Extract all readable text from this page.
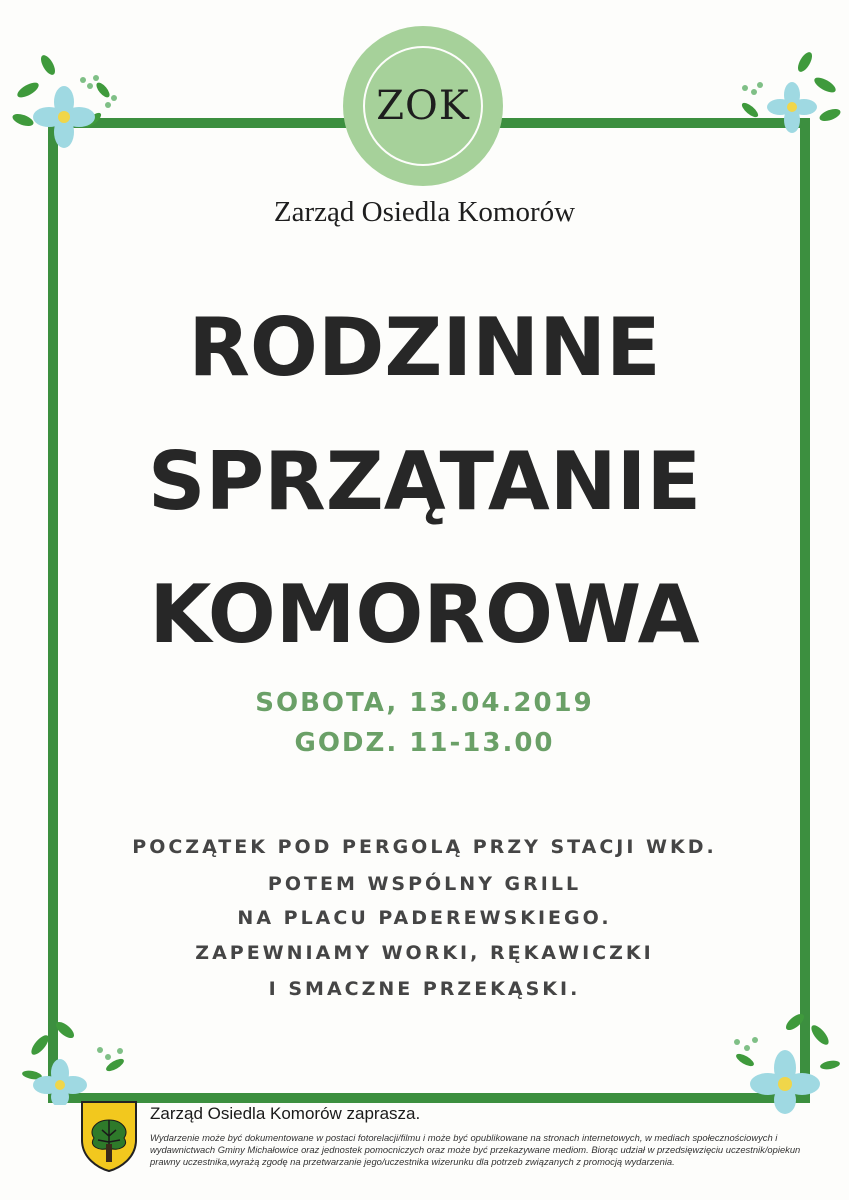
ZOK
Zarząd Osiedla Komorów
RODZINNE
SPRZĄTANIE
KOMOROWA
SOBOTA, 13.04.2019
GODZ. 11-13.00
POCZĄTEK POD PERGOLĄ PRZY STACJI WKD.
POTEM WSPÓLNY GRILL
NA PLACU PADEREWSKIEGO.
ZAPEWNIAMY WORKI, RĘKAWICZKI
I SMACZNE PRZEKĄSKI.
Zarząd Osiedla Komorów zaprasza.
Wydarzenie może być dokumentowane w postaci fotorelacji/filmu i może być opublikowane na stronach internetowych, w mediach społecznościowych i wydawnictwach Gminy Michałowice oraz jednostek pomocniczych oraz może być przekazywane mediom. Biorąc udział w przedsięwzięciu uczestnik/opiekun prawny uczestnika,wyrażą zgodę na przetwarzanie jego/uczestnika wizerunku dla potrzeb związanych z promocją wydarzenia.
